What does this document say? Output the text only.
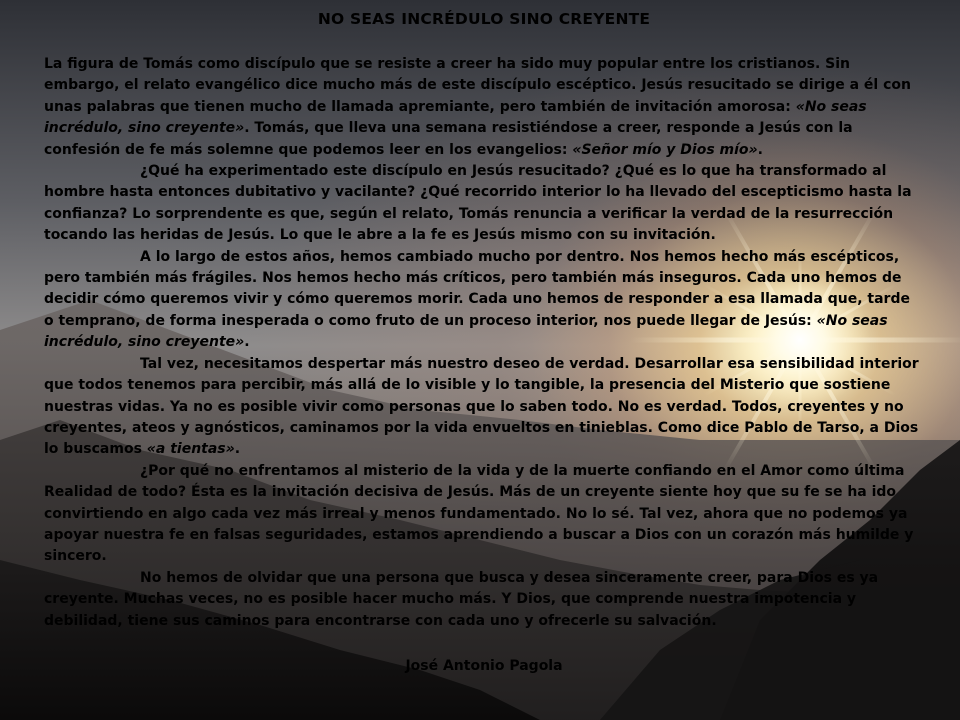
NO SEAS INCRÉDULO SINO CREYENTE

La figura de Tomás como discípulo que se resiste a creer ha sido muy popular entre los cristianos. Sin embargo, el relato evangélico dice mucho más de este discípulo escéptico. Jesús resucitado se dirige a él con unas palabras que tienen mucho de llamada apremiante, pero también de invitación amorosa: «No seas incrédulo, sino creyente». Tomás, que lleva una semana resistiéndose a creer, responde a Jesús con la confesión de fe más solemne que podemos leer en los evangelios: «Señor mío y Dios mío».

¿Qué ha experimentado este discípulo en Jesús resucitado? ¿Qué es lo que ha transformado al hombre hasta entonces dubitativo y vacilante? ¿Qué recorrido interior lo ha llevado del escepticismo hasta la confianza? Lo sorprendente es que, según el relato, Tomás renuncia a verificar la verdad de la resurrección tocando las heridas de Jesús. Lo que le abre a la fe es Jesús mismo con su invitación.

A lo largo de estos años, hemos cambiado mucho por dentro. Nos hemos hecho más escépticos, pero también más frágiles. Nos hemos hecho más críticos, pero también más inseguros. Cada uno hemos de decidir cómo queremos vivir y cómo queremos morir. Cada uno hemos de responder a esa llamada que, tarde o temprano, de forma inesperada o como fruto de un proceso interior, nos puede llegar de Jesús: «No seas incrédulo, sino creyente».

Tal vez, necesitamos despertar más nuestro deseo de verdad. Desarrollar esa sensibilidad interior que todos tenemos para percibir, más allá de lo visible y lo tangible, la presencia del Misterio que sostiene nuestras vidas. Ya no es posible vivir como personas que lo saben todo. No es verdad. Todos, creyentes y no creyentes, ateos y agnósticos, caminamos por la vida envueltos en tinieblas. Como dice Pablo de Tarso, a Dios lo buscamos «a tientas».

¿Por qué no enfrentamos al misterio de la vida y de la muerte confiando en el Amor como última Realidad de todo? Ésta es la invitación decisiva de Jesús. Más de un creyente siente hoy que su fe se ha ido convirtiendo en algo cada vez más irreal y menos fundamentado. No lo sé. Tal vez, ahora que no podemos ya apoyar nuestra fe en falsas seguridades, estamos aprendiendo a buscar a Dios con un corazón más humilde y sincero.

No hemos de olvidar que una persona que busca y desea sinceramente creer, para Dios es ya creyente. Muchas veces, no es posible hacer mucho más. Y Dios, que comprende nuestra impotencia y debilidad, tiene sus caminos para encontrarse con cada uno y ofrecerle su salvación.

José Antonio Pagola
